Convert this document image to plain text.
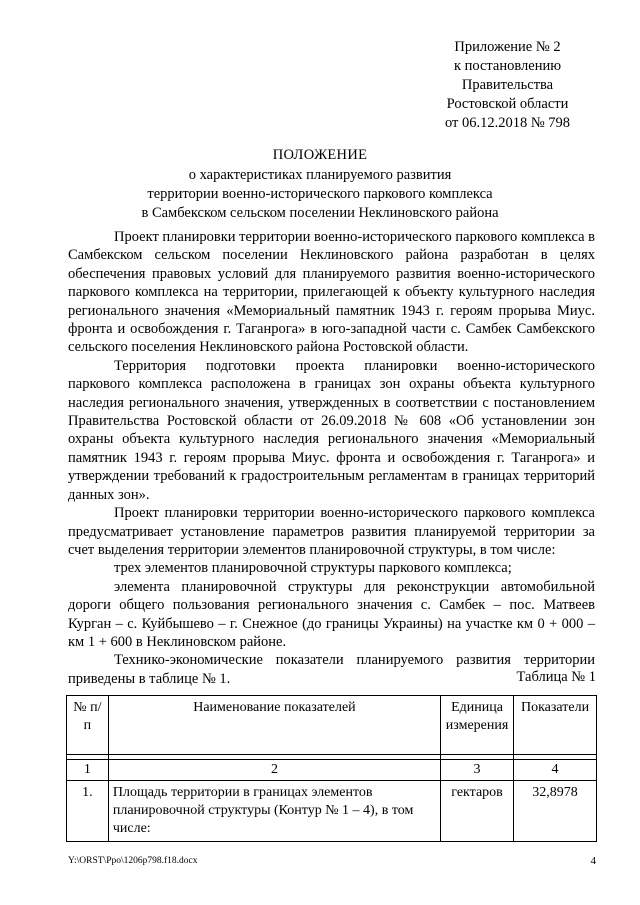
Приложение № 2
к постановлению
Правительства
Ростовской области
от 06.12.2018 № 798
ПОЛОЖЕНИЕ
о характеристиках планируемого развития
территории военно-исторического паркового комплекса
в Самбекском сельском поселении Неклиновского района

Проект планировки территории военно-исторического паркового комплекса в Самбекском сельском поселении Неклиновского района разработан в целях обеспечения правовых условий для планируемого развития военно-исторического паркового комплекса на территории, прилегающей к объекту культурного наследия регионального значения «Мемориальный памятник 1943 г. героям прорыва Миус. фронта и освобождения г. Таганрога» в юго-западной части с. Самбек Самбекского сельского поселения Неклиновского района Ростовской области.

Территория подготовки проекта планировки военно-исторического паркового комплекса расположена в границах зон охраны объекта культурного наследия регионального значения, утвержденных в соответствии с постановлением Правительства Ростовской области от 26.09.2018 № 608 «Об установлении зон охраны объекта культурного наследия регионального значения «Мемориальный памятник 1943 г. героям прорыва Миус. фронта и освобождения г. Таганрога» и утверждении требований к градостроительным регламентам в границах территорий данных зон».

Проект планировки территории военно-исторического паркового комплекса предусматривает установление параметров развития планируемой территории за счет выделения территории элементов планировочной структуры, в том числе:

трех элементов планировочной структуры паркового комплекса;

элемента планировочной структуры для реконструкции автомобильной дороги общего пользования регионального значения с. Самбек – пос. Матвеев Курган – с. Куйбышево – г. Снежное (до границы Украины) на участке км 0 + 000 – км 1 + 600 в Неклиновском районе.

Технико-экономические показатели планируемого развития территории приведены в таблице № 1.	Таблица № 1
№ п/п	Наименование показателей	Единица измерения	Показатели

1	2	3	4
1.	Площадь территории в границах элементов планировочной структуры (Контур № 1 – 4), в том числе:	гектаров	32,8978
Y:\ORST\Ppo\1206p798.f18.docx	4
